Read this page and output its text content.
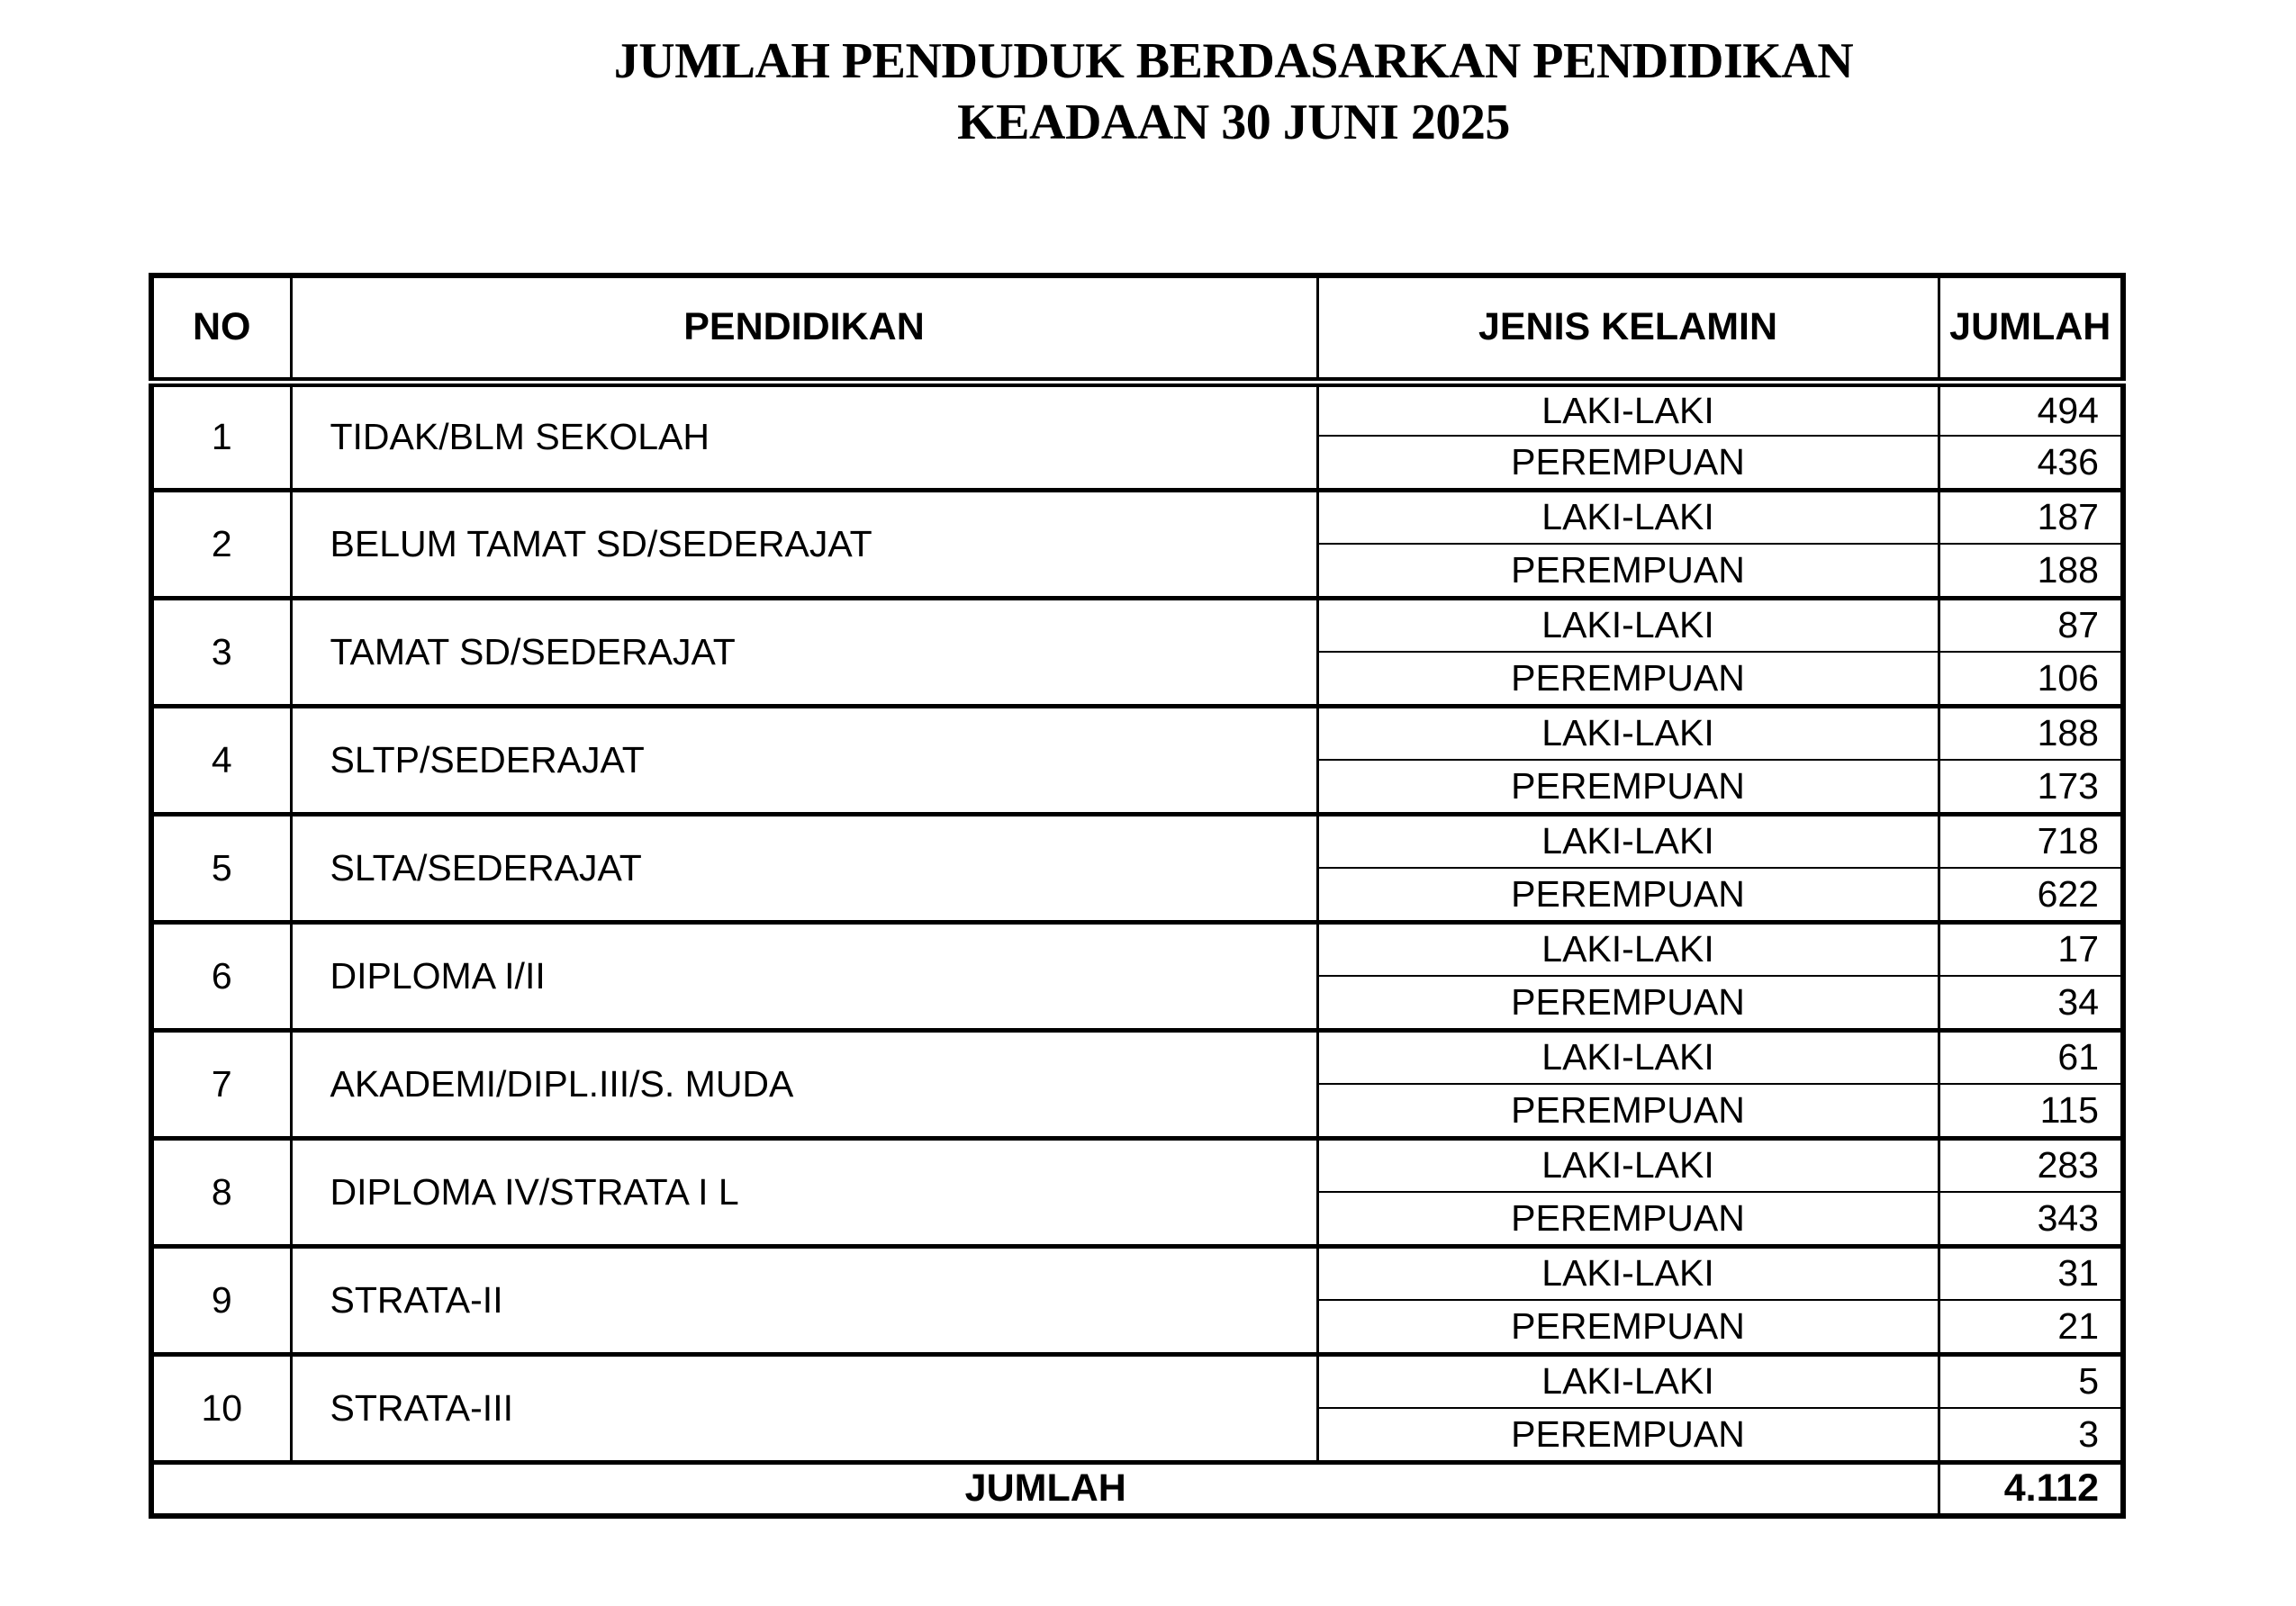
JUMLAH PENDUDUK BERDASARKAN PENDIDIKAN
KEADAAN 30 JUNI 2025
NO	PENDIDIKAN	JENIS KELAMIN	JUMLAH
1	TIDAK/BLM SEKOLAH	LAKI-LAKI	494
		PEREMPUAN	436
2	BELUM TAMAT SD/SEDERAJAT	LAKI-LAKI	187
		PEREMPUAN	188
3	TAMAT SD/SEDERAJAT	LAKI-LAKI	87
		PEREMPUAN	106
4	SLTP/SEDERAJAT	LAKI-LAKI	188
		PEREMPUAN	173
5	SLTA/SEDERAJAT	LAKI-LAKI	718
		PEREMPUAN	622
6	DIPLOMA I/II	LAKI-LAKI	17
		PEREMPUAN	34
7	AKADEMI/DIPL.III/S. MUDA	LAKI-LAKI	61
		PEREMPUAN	115
8	DIPLOMA IV/STRATA I L	LAKI-LAKI	283
		PEREMPUAN	343
9	STRATA-II	LAKI-LAKI	31
		PEREMPUAN	21
10	STRATA-III	LAKI-LAKI	5
		PEREMPUAN	3
JUMLAH			4.112
